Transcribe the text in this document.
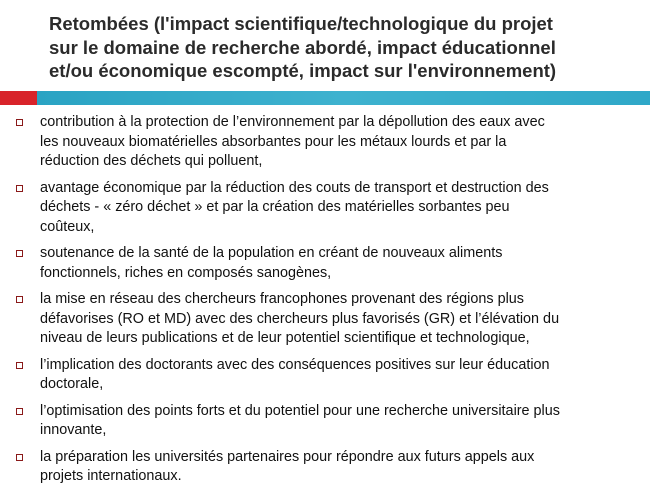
Retombées (l'impact scientifique/technologique du projet
sur le domaine de recherche abordé, impact éducationnel
et/ou économique escompté, impact sur l'environnement)
contribution à la protection de l’environnement par la dépollution des eaux avec
les nouveaux biomatérielles absorbantes pour les métaux lourds et par la
réduction des déchets qui polluent,
avantage économique par la réduction des couts de transport et destruction des
déchets - « zéro déchet » et par la création des matérielles sorbantes peu
coûteux,
soutenance de la santé de la population en créant de nouveaux aliments
fonctionnels, riches en composés sanogènes,
la mise en réseau des chercheurs francophones provenant des régions plus
défavorises (RO et MD) avec des chercheurs plus favorisés (GR) et l’élévation du
niveau de leurs publications et de leur potentiel scientifique et technologique,
l’implication des doctorants avec des conséquences positives sur leur éducation
doctorale,
l’optimisation des points forts et du potentiel pour une recherche universitaire plus
innovante,
la préparation les universités partenaires pour répondre aux futurs appels aux
projets internationaux.
